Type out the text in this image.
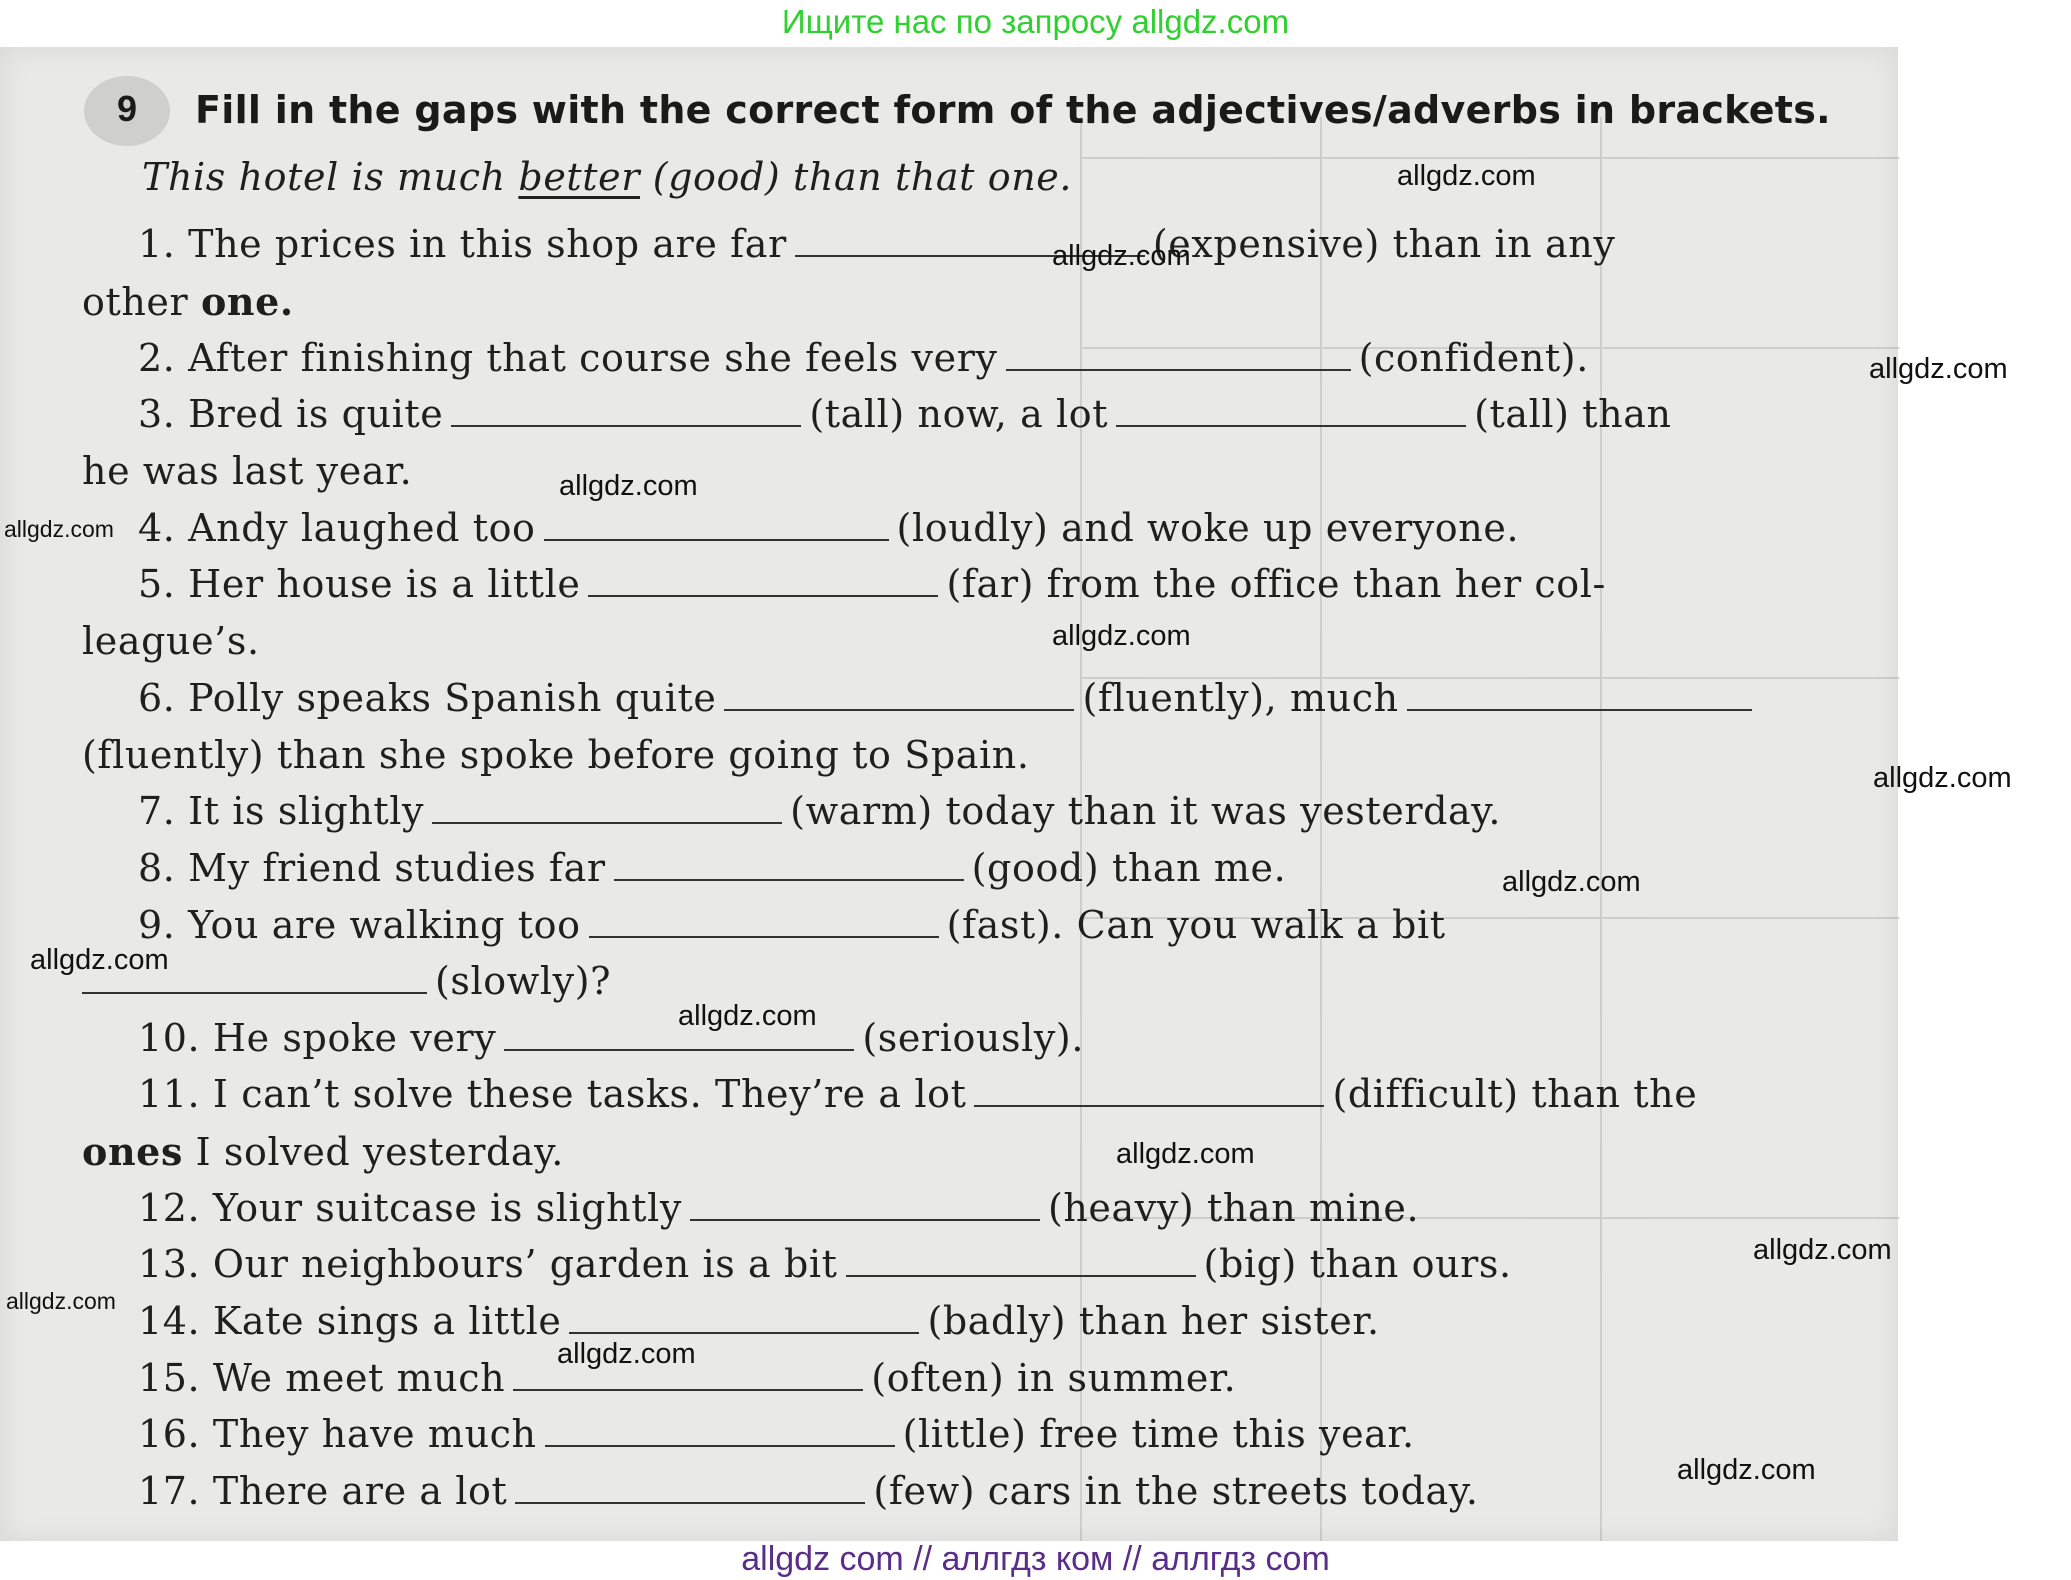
Ищите нас по запросу allgdz.com
9	Fill in the gaps with the correct form of the adjectives/adverbs in brackets.
This hotel is much better (good) than that one.
1. The prices in this shop are far	(expensive) than in any
other one.
2. After finishing that course she feels very	(confident).
3. Bred is quite	(tall) now, a lot	(tall) than
he was last year.
4. Andy laughed too	(loudly) and woke up everyone.
5. Her house is a little	(far) from the office than her col-
league’s.
6. Polly speaks Spanish quite	(fluently), much
(fluently) than she spoke before going to Spain.
7. It is slightly	(warm) today than it was yesterday.
8. My friend studies far	(good) than me.
9. You are walking too	(fast). Can you walk a bit
(slowly)?
10. He spoke very	(seriously).
11. I can’t solve these tasks. They’re a lot	(difficult) than the
ones I solved yesterday.
12. Your suitcase is slightly	(heavy) than mine.
13. Our neighbours’ garden is a bit	(big) than ours.
14. Kate sings a little	(badly) than her sister.
15. We meet much	(often) in summer.
16. They have much	(little) free time this year.
17. There are a lot	(few) cars in the streets today.
allgdz.com
allgdz.com
allgdz.com
allgdz.com
allgdz.com
allgdz.com
allgdz.com
allgdz.com
allgdz.com
allgdz.com
allgdz.com
allgdz.com
allgdz.com
allgdz.com
allgdz.com
allgdz com // аллгдз ком // аллгдз com
